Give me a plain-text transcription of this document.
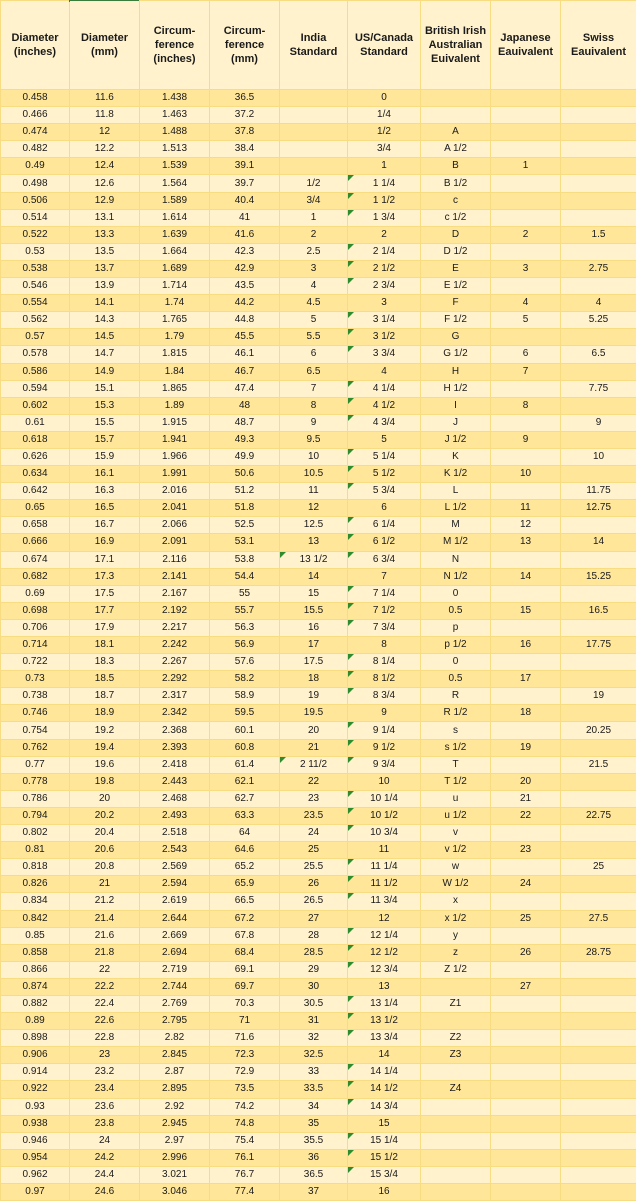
Diameter (inches)	Diameter (mm)	Circum- ference (inches)	Circum- ference (mm)	India Standard	US/Canada Standard	British Irish Australian Euivalent	Japanese Eauivalent	Swiss Eauivalent
0.458	11.6	1.438	36.5		0			
0.466	11.8	1.463	37.2		1/4			
0.474	12	1.488	37.8		1/2	A		
0.482	12.2	1.513	38.4		3/4	A 1/2		
0.49	12.4	1.539	39.1		1	B	1	
0.498	12.6	1.564	39.7	1/2	1 1/4	B 1/2		
0.506	12.9	1.589	40.4	3/4	1 1/2	c		
0.514	13.1	1.614	41	1	1 3/4	c 1/2		
0.522	13.3	1.639	41.6	2	2	D	2	1.5
0.53	13.5	1.664	42.3	2.5	2 1/4	D 1/2		
0.538	13.7	1.689	42.9	3	2 1/2	E	3	2.75
0.546	13.9	1.714	43.5	4	2 3/4	E 1/2		
0.554	14.1	1.74	44.2	4.5	3	F	4	4
0.562	14.3	1.765	44.8	5	3 1/4	F 1/2	5	5.25
0.57	14.5	1.79	45.5	5.5	3 1/2	G		
0.578	14.7	1.815	46.1	6	3 3/4	G 1/2	6	6.5
0.586	14.9	1.84	46.7	6.5	4	H	7	
0.594	15.1	1.865	47.4	7	4 1/4	H 1/2		7.75
0.602	15.3	1.89	48	8	4 1/2	I	8	
0.61	15.5	1.915	48.7	9	4 3/4	J		9
0.618	15.7	1.941	49.3	9.5	5	J 1/2	9	
0.626	15.9	1.966	49.9	10	5 1/4	K		10
0.634	16.1	1.991	50.6	10.5	5 1/2	K 1/2	10	
0.642	16.3	2.016	51.2	11	5 3/4	L		11.75
0.65	16.5	2.041	51.8	12	6	L 1/2	11	12.75
0.658	16.7	2.066	52.5	12.5	6 1/4	M	12	
0.666	16.9	2.091	53.1	13	6 1/2	M 1/2	13	14
0.674	17.1	2.116	53.8	13 1/2	6 3/4	N		
0.682	17.3	2.141	54.4	14	7	N 1/2	14	15.25
0.69	17.5	2.167	55	15	7 1/4	0		
0.698	17.7	2.192	55.7	15.5	7 1/2	0.5	15	16.5
0.706	17.9	2.217	56.3	16	7 3/4	p		
0.714	18.1	2.242	56.9	17	8	p 1/2	16	17.75
0.722	18.3	2.267	57.6	17.5	8 1/4	0		
0.73	18.5	2.292	58.2	18	8 1/2	0.5	17	
0.738	18.7	2.317	58.9	19	8 3/4	R		19
0.746	18.9	2.342	59.5	19.5	9	R 1/2	18	
0.754	19.2	2.368	60.1	20	9 1/4	s		20.25
0.762	19.4	2.393	60.8	21	9 1/2	s 1/2	19	
0.77	19.6	2.418	61.4	2 11/2	9 3/4	T		21.5
0.778	19.8	2.443	62.1	22	10	T 1/2	20	
0.786	20	2.468	62.7	23	10 1/4	u	21	
0.794	20.2	2.493	63.3	23.5	10 1/2	u 1/2	22	22.75
0.802	20.4	2.518	64	24	10 3/4	v		
0.81	20.6	2.543	64.6	25	11	v 1/2	23	
0.818	20.8	2.569	65.2	25.5	11 1/4	w		25
0.826	21	2.594	65.9	26	11 1/2	W 1/2	24	
0.834	21.2	2.619	66.5	26.5	11 3/4	x		
0.842	21.4	2.644	67.2	27	12	x 1/2	25	27.5
0.85	21.6	2.669	67.8	28	12 1/4	y		
0.858	21.8	2.694	68.4	28.5	12 1/2	z	26	28.75
0.866	22	2.719	69.1	29	12 3/4	Z 1/2		
0.874	22.2	2.744	69.7	30	13		27	
0.882	22.4	2.769	70.3	30.5	13 1/4	Z1		
0.89	22.6	2.795	71	31	13 1/2			
0.898	22.8	2.82	71.6	32	13 3/4	Z2		
0.906	23	2.845	72.3	32.5	14	Z3		
0.914	23.2	2.87	72.9	33	14 1/4			
0.922	23.4	2.895	73.5	33.5	14 1/2	Z4		
0.93	23.6	2.92	74.2	34	14 3/4			
0.938	23.8	2.945	74.8	35	15			
0.946	24	2.97	75.4	35.5	15 1/4			
0.954	24.2	2.996	76.1	36	15 1/2			
0.962	24.4	3.021	76.7	36.5	15 3/4			
0.97	24.6	3.046	77.4	37	16			
